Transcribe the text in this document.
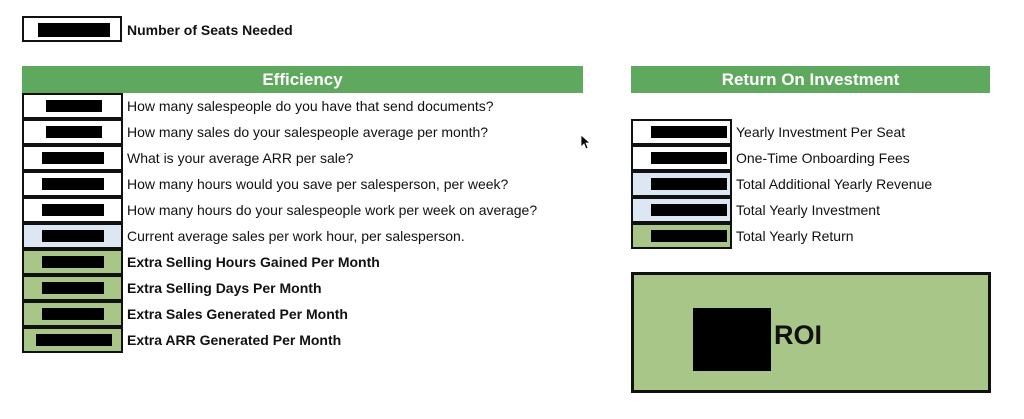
Number of Seats Needed
Efficiency
How many salespeople do you have that send documents?
How many sales do your salespeople average per month?
What is your average ARR per sale?
How many hours would you save per salesperson, per week?
How many hours do your salespeople work per week on average?
Current average sales per work hour, per salesperson.
Extra Selling Hours Gained Per Month
Extra Selling Days Per Month
Extra Sales Generated Per Month
Extra ARR Generated Per Month
Return On Investment
Yearly Investment Per Seat
One-Time Onboarding Fees
Total Additional Yearly Revenue
Total Yearly Investment
Total Yearly Return
ROI
